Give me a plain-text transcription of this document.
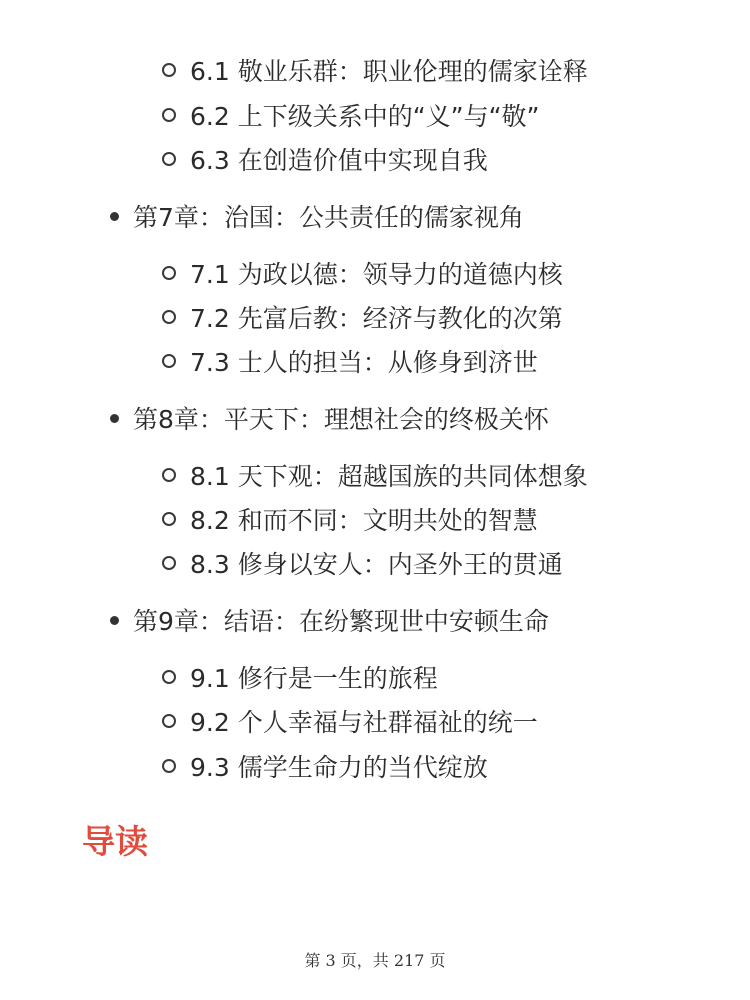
6.1 敬业乐群：职业伦理的儒家诠释
6.2 上下级关系中的“义”与“敬”
6.3 在创造价值中实现自我
第7章：治国：公共责任的儒家视角
7.1 为政以德：领导力的道德内核
7.2 先富后教：经济与教化的次第
7.3 士人的担当：从修身到济世
第8章：平天下：理想社会的终极关怀
8.1 天下观：超越国族的共同体想象
8.2 和而不同：文明共处的智慧
8.3 修身以安人：内圣外王的贯通
第9章：结语：在纷繁现世中安顿生命
9.1 修行是一生的旅程
9.2 个人幸福与社群福祉的统一
9.3 儒学生命力的当代绽放
导读
第 3 页，共 217 页
